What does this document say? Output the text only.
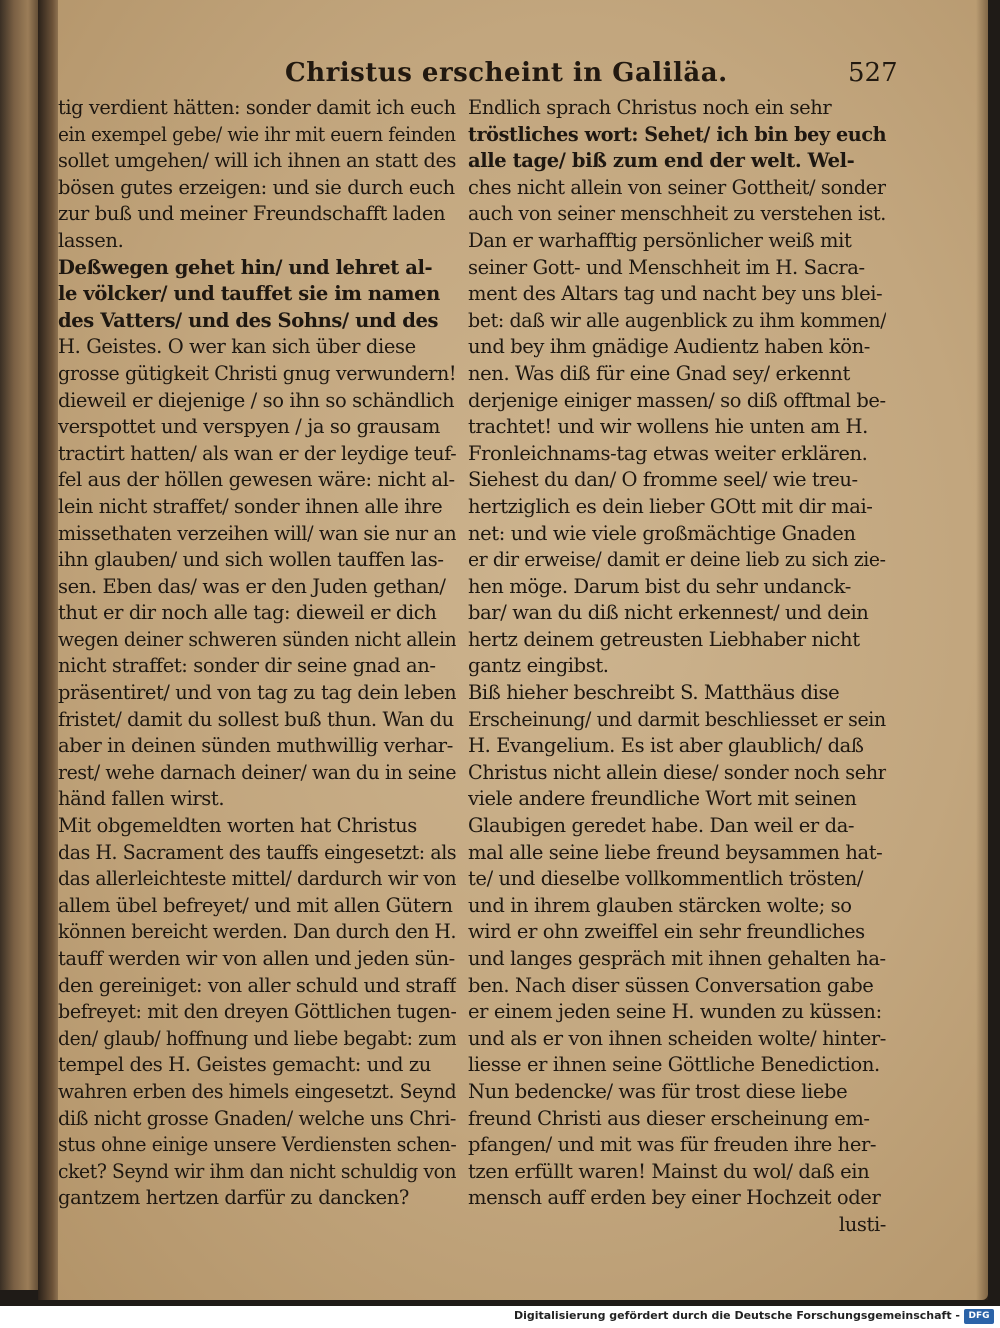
Christus erscheint in Galiläa.	527
tig verdient hätten: sonder damit ich euch
ein exempel gebe/ wie ihr mit euern feinden
sollet umgehen/ will ich ihnen an statt des
bösen gutes erzeigen: und sie durch euch
zur buß und meiner Freundschafft laden
lassen.
Deßwegen gehet hin/ und lehret al-
le völcker/ und tauffet sie im namen
des Vatters/ und des Sohns/ und des
H. Geistes. O wer kan sich über diese
grosse gütigkeit Christi gnug verwundern!
dieweil er diejenige / so ihn so schändlich
verspottet und verspyen / ja so grausam
tractirt hatten/ als wan er der leydige teuf-
fel aus der höllen gewesen wäre: nicht al-
lein nicht straffet/ sonder ihnen alle ihre
missethaten verzeihen will/ wan sie nur an
ihn glauben/ und sich wollen tauffen las-
sen. Eben das/ was er den Juden gethan/
thut er dir noch alle tag: dieweil er dich
wegen deiner schweren sünden nicht allein
nicht straffet: sonder dir seine gnad an-
präsentiret/ und von tag zu tag dein leben
fristet/ damit du sollest buß thun. Wan du
aber in deinen sünden muthwillig verhar-
rest/ wehe darnach deiner/ wan du in seine
händ fallen wirst.
Mit obgemeldten worten hat Christus
das H. Sacrament des tauffs eingesetzt: als
das allerleichteste mittel/ dardurch wir von
allem übel befreyet/ und mit allen Gütern
können bereicht werden. Dan durch den H.
tauff werden wir von allen und jeden sün-
den gereiniget: von aller schuld und straff
befreyet: mit den dreyen Göttlichen tugen-
den/ glaub/ hoffnung und liebe begabt: zum
tempel des H. Geistes gemacht: und zu
wahren erben des himels eingesetzt. Seynd
diß nicht grosse Gnaden/ welche uns Chri-
stus ohne einige unsere Verdiensten schen-
cket? Seynd wir ihm dan nicht schuldig von
gantzem hertzen darfür zu dancken?
Endlich sprach Christus noch ein sehr
tröstliches wort: Sehet/ ich bin bey euch
alle tage/ biß zum end der welt. Wel-
ches nicht allein von seiner Gottheit/ sonder
auch von seiner menschheit zu verstehen ist.
Dan er warhafftig persönlicher weiß mit
seiner Gott- und Menschheit im H. Sacra-
ment des Altars tag und nacht bey uns blei-
bet: daß wir alle augenblick zu ihm kommen/
und bey ihm gnädige Audientz haben kön-
nen. Was diß für eine Gnad sey/ erkennt
derjenige einiger massen/ so diß offtmal be-
trachtet! und wir wollens hie unten am H.
Fronleichnams-tag etwas weiter erklären.
Siehest du dan/ O fromme seel/ wie treu-
hertziglich es dein lieber GOtt mit dir mai-
net: und wie viele großmächtige Gnaden
er dir erweise/ damit er deine lieb zu sich zie-
hen möge. Darum bist du sehr undanck-
bar/ wan du diß nicht erkennest/ und dein
hertz deinem getreusten Liebhaber nicht
gantz eingibst.
Biß hieher beschreibt S. Matthäus dise
Erscheinung/ und darmit beschliesset er sein
H. Evangelium. Es ist aber glaublich/ daß
Christus nicht allein diese/ sonder noch sehr
viele andere freundliche Wort mit seinen
Glaubigen geredet habe. Dan weil er da-
mal alle seine liebe freund beysammen hat-
te/ und dieselbe vollkommentlich trösten/
und in ihrem glauben stärcken wolte; so
wird er ohn zweiffel ein sehr freundliches
und langes gespräch mit ihnen gehalten ha-
ben. Nach diser süssen Conversation gabe
er einem jeden seine H. wunden zu küssen:
und als er von ihnen scheiden wolte/ hinter-
liesse er ihnen seine Göttliche Benediction.
Nun bedencke/ was für trost diese liebe
freund Christi aus dieser erscheinung em-
pfangen/ und mit was für freuden ihre her-
tzen erfüllt waren! Mainst du wol/ daß ein
mensch auff erden bey einer Hochzeit oder
lusti-
Digitalisierung gefördert durch die Deutsche Forschungsgemeinschaft - DFG
